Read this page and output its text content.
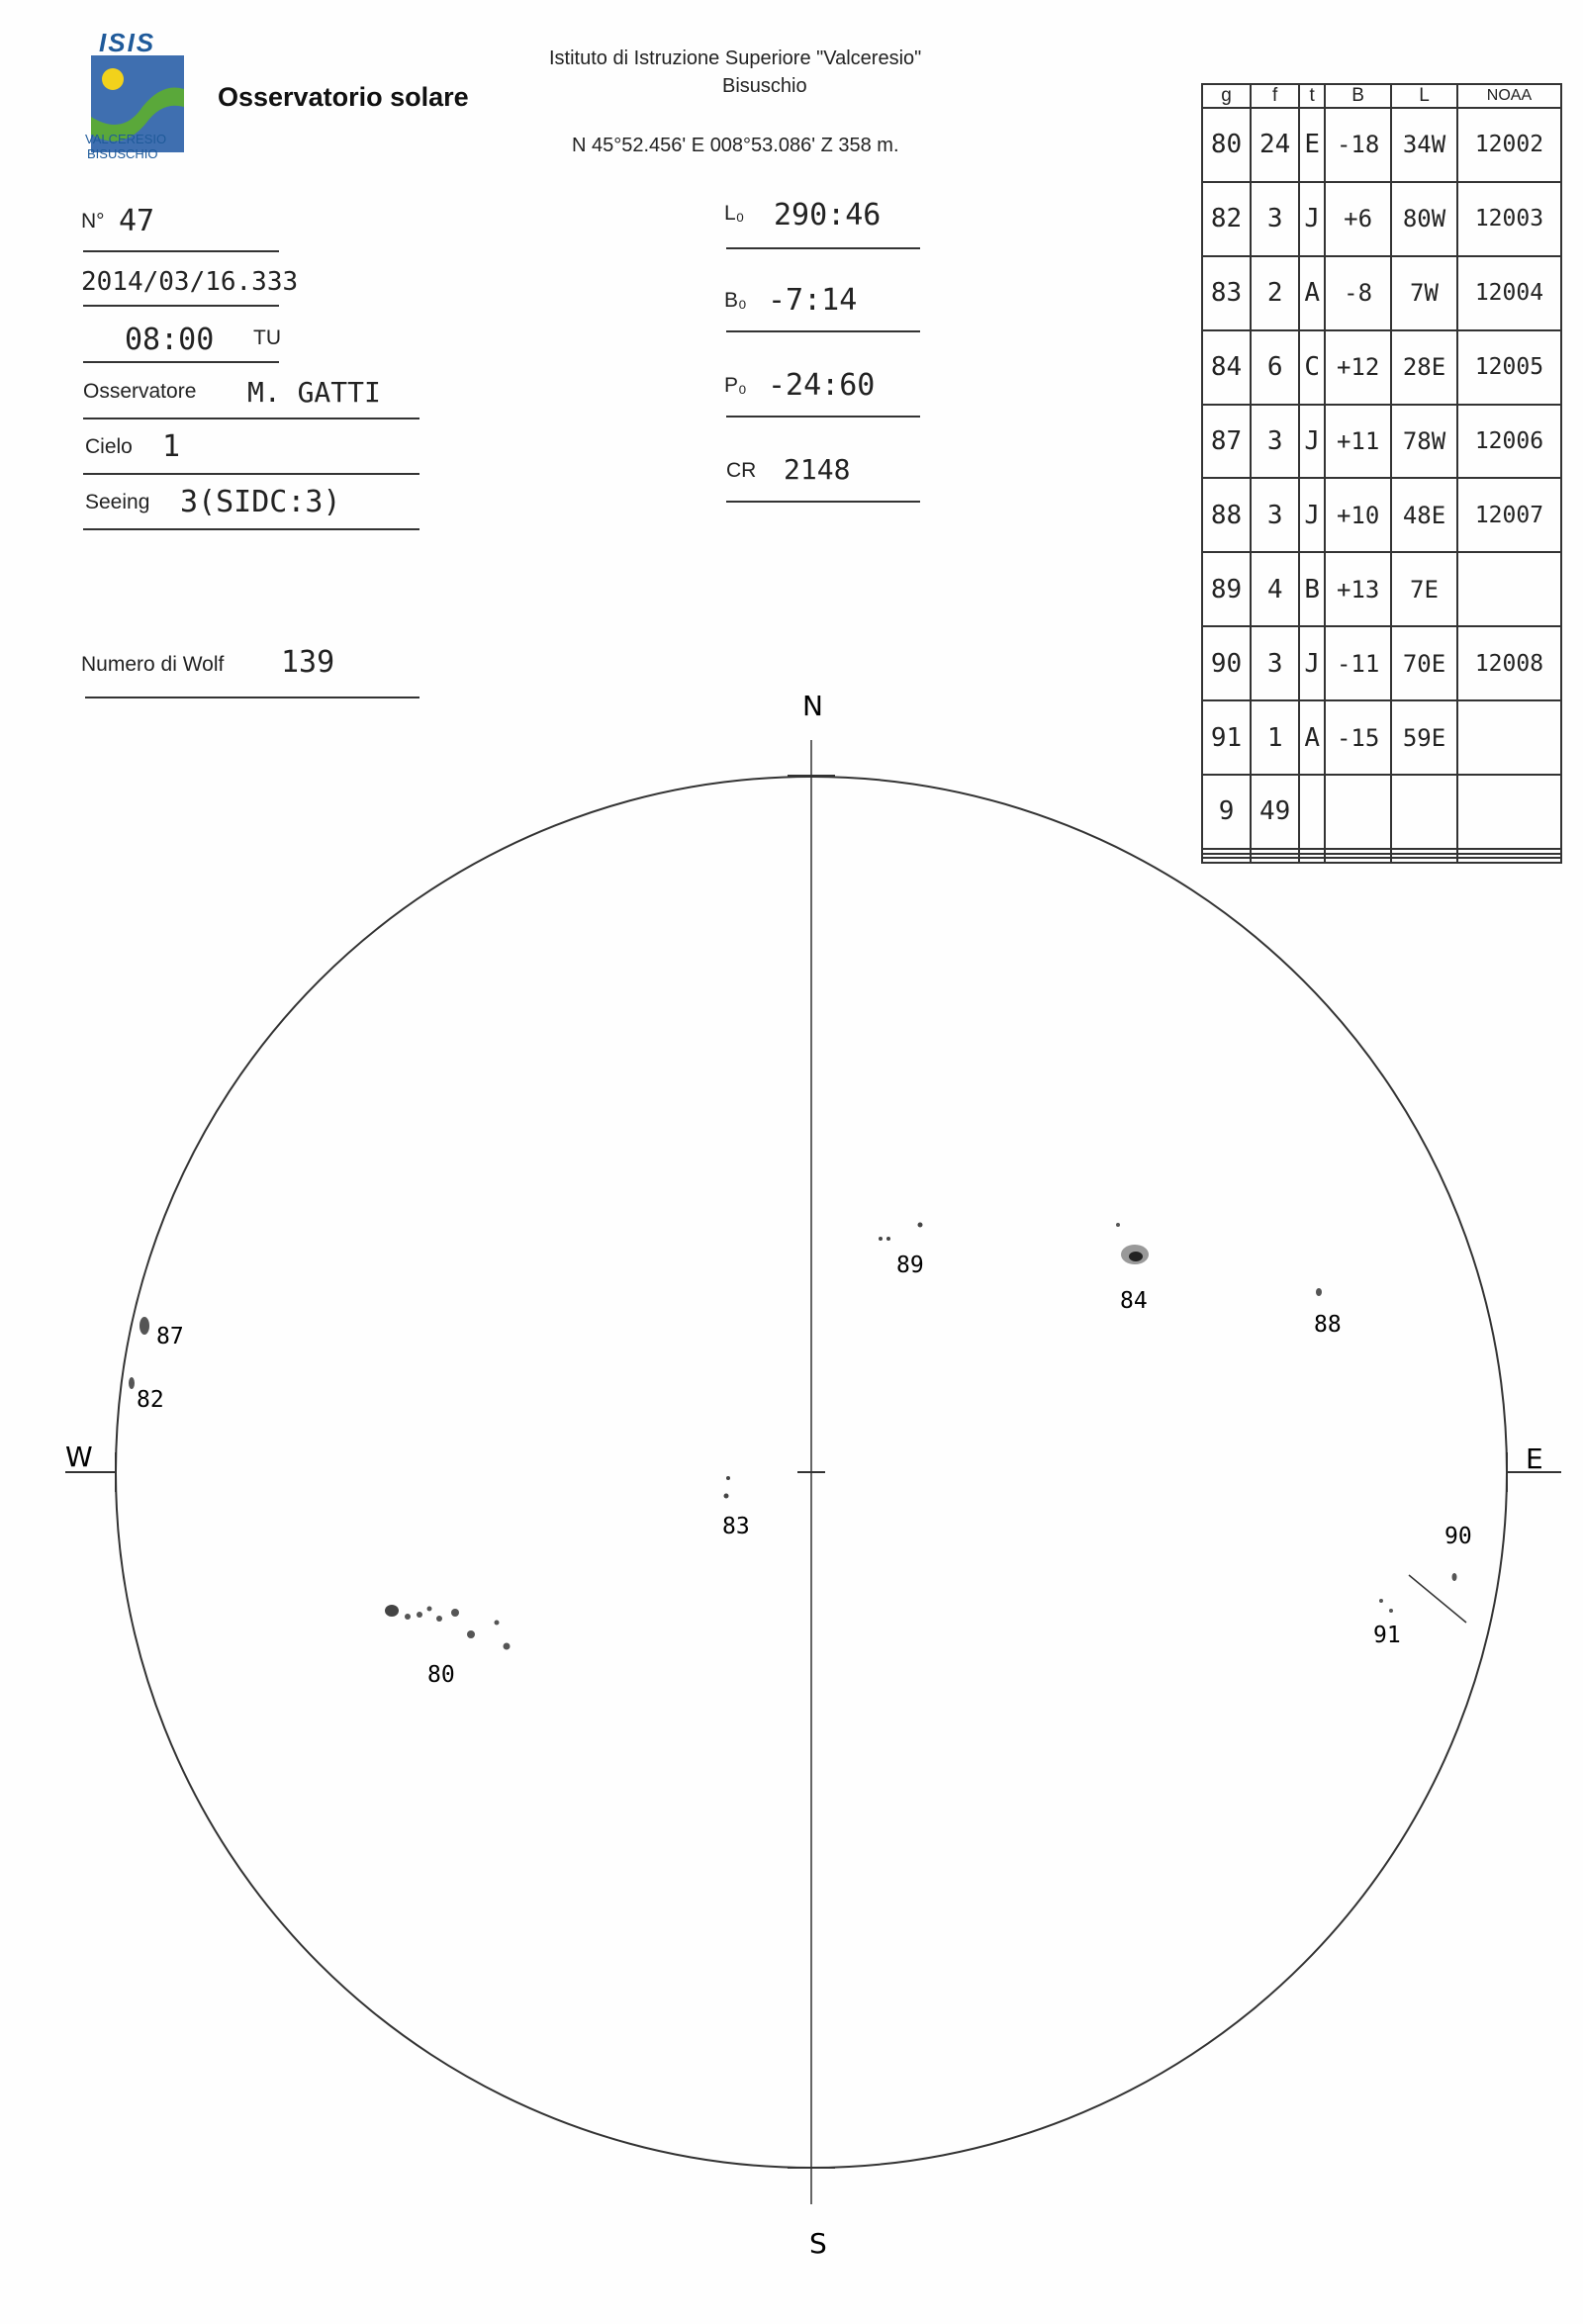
ISIS
VALCERESIO
BISUSCHIO
Osservatorio solare
Istituto di Istruzione Superiore "Valceresio"
Bisuschio
N 45°52.456' E 008°53.086' Z 358 m.
N° 47
2014/03/16.333
08:00 TU
Osservatore M. GATTI
Cielo 1
Seeing 3(SIDC:3)
Numero di Wolf 139
L₀ 290:46
B₀ -7:14
P₀ -24:60
CR 2148
g	f	t	B	L	NOAA
80	24	E	-18	34W	12002
82	3	J	+6	80W	12003
83	2	A	-8	7W	12004
84	6	C	+12	28E	12005
87	3	J	+11	78W	12006
88	3	J	+10	48E	12007
89	4	B	+13	7E	
90	3	J	-11	70E	12008
91	1	A	-15	59E	
9	49				

N
S
E
W
80
87
82
83
89
84
88
90
91
